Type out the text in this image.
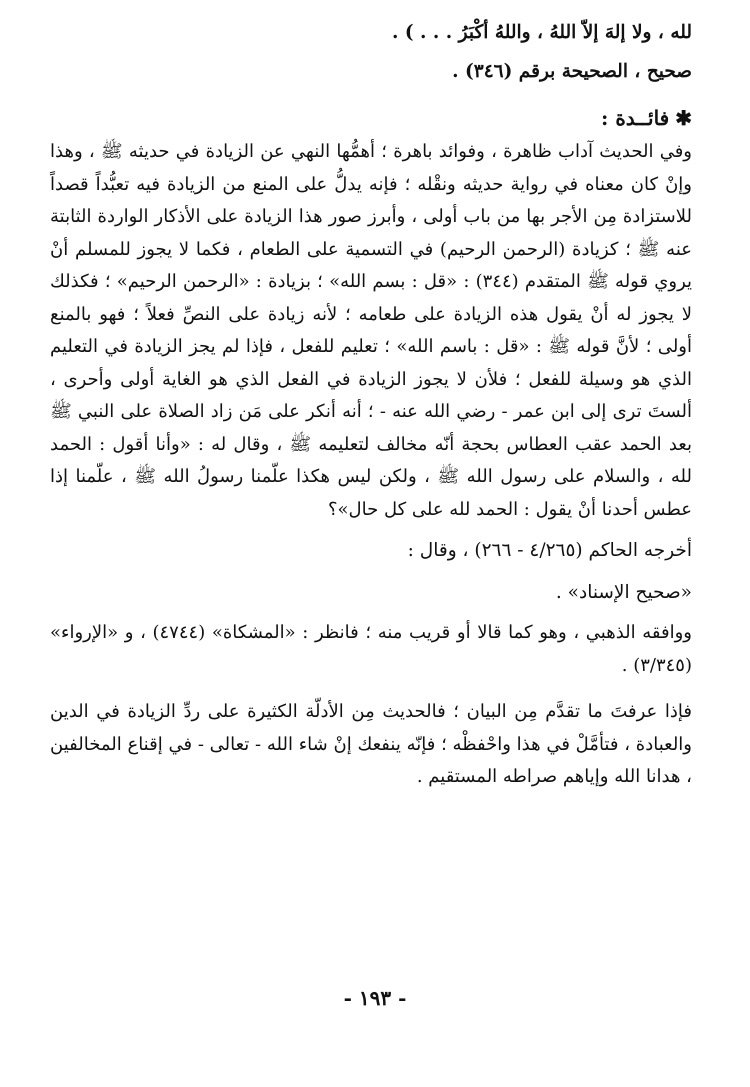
لله ، ولا إلهَ إلاّ اللهُ ، واللهُ أكْبَرُ . . . ) .

صحيح ، الصحيحة برقم (٣٤٦) .

✱
فائــدة :

وفي الحديث آداب ظاهرة ، وفوائد باهرة ؛ أهمُّها النهي عن الزيادة في حديثه ﷺ ، وهذا وإنْ كان معناه في رواية حديثه ونقْله ؛ فإنه يدلُّ على المنع من الزيادة فيه تعبُّداً قصداً للاستزادة مِن الأجر بها من باب أولى ، وأبرز صور هذا الزيادة على الأذكار الواردة الثابتة عنه ﷺ ؛ كزيادة (الرحمن الرحيم) في التسمية على الطعام ، فكما لا يجوز للمسلم أنْ يروي قوله ﷺ المتقدم (٣٤٤) : «قل : بسم الله» ؛ بزيادة : «الرحمن الرحيم» ؛ فكذلك لا يجوز له أنْ يقول هذه الزيادة على طعامه ؛ لأنه زيادة على النصِّ فعلاً ؛ فهو بالمنع أولى ؛ لأنَّ قوله ﷺ : «قل : باسم الله» ؛ تعليم للفعل ، فإذا لم يجز الزيادة في التعليم الذي هو وسيلة للفعل ؛ فلأن لا يجوز الزيادة في الفعل الذي هو الغاية أولى وأحرى ، ألستَ ترى إلى ابن عمر - رضي الله عنه - ؛ أنه أنكر على مَن زاد الصلاة على النبي ﷺ بعد الحمد عقب العطاس بحجة أنّه مخالف لتعليمه ﷺ ، وقال له : «وأنا أقول : الحمد لله ، والسلام على رسول الله ﷺ ، ولكن ليس هكذا علّمنا رسولُ الله ﷺ ، علّمنا إذا عطس أحدنا أنْ يقول : الحمد لله على كل حال»؟

أخرجه الحاكم (٤/٢٦٥ - ٢٦٦) ، وقال :

«صحيح الإسناد» .

ووافقه الذهبي ، وهو كما قالا أو قريب منه ؛ فانظر : «المشكاة» (٤٧٤٤) ، و «الإرواء» (٣/٣٤٥) .

فإذا عرفتَ ما تقدَّم مِن البيان ؛ فالحديث مِن الأدلّة الكثيرة على ردِّ الزيادة في الدين والعبادة ، فتأمَّلْ في هذا واحْفظْه ؛ فإنّه ينفعك إنْ شاء الله - تعالى - في إقناع المخالفين ، هدانا الله وإياهم صراطه المستقيم .

- ١٩٣ -
